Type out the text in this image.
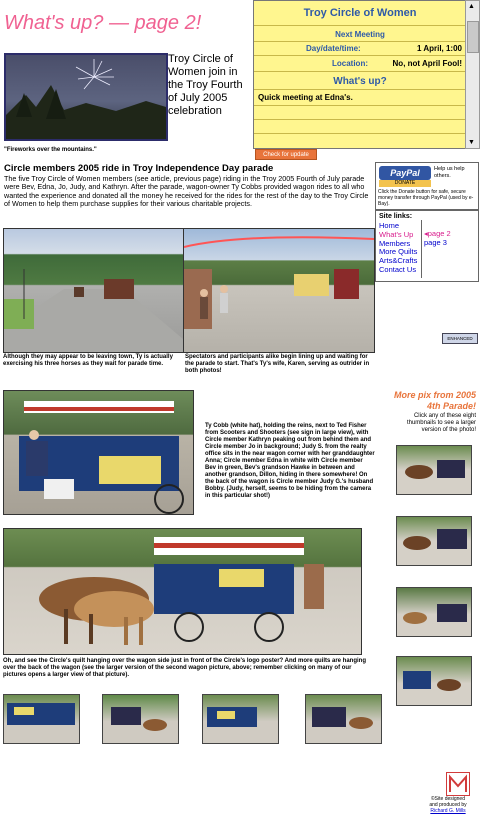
What's up? — page 2!	Troy Circle of Women
Next Meeting
Day/date/time:	1 April, 1:00
Location:	No, not April Fool!
What's up?
Quick meeting at Edna's.
▲
▼
Check for update
Troy Circle of Women join in the Troy Fourth of July 2005 celebration
"Fireworks over the mountains."
PayPal
DONATE
Help us help others.
Click the Donate button for safe, secure money transfer through PayPal (used by e-Bay).
Site links:
Home
What's Up
Members
More Quilts
Arts&Crafts
Contact Us
◂page 2
page 3
Circle members 2005 ride in Troy Independence Day parade
The five Troy Circle of Women members (see article, previous page) riding in the Troy 2005 Fourth of July parade were Bev, Edna, Jo, Judy, and Kathryn. After the parade, wagon-owner Ty Cobbs provided wagon rides to all who wanted the experience and donated all the money he received for the rides for the rest of the day to the Troy Circle of Women to help them purchase supplies for their various charitable projects.
Although they may appear to be leaving town, Ty is actually exercising his three horses as they wait for parade time.
Spectators and participants alike begin lining up and waiting for the parade to start. That's Ty's wife, Karen, serving as outrider in both photos!
ENHANCED
Ty Cobb (white hat), holding the reins, next to Ted Fisher from Scooters and Shooters (see sign in large view), with Circle member Kathryn peaking out from behind them and Circle member Jo in background; Judy S. from the realty office sits in the near wagon corner with her granddaughter Anna; Circle member Edna in white with Circle member Bev in green, Bev's grandson Hawke in between and another grandson, Dillon, hiding in there somewhere! On the back of the wagon is Circle member Judy G.'s husband Bobby. (Judy, herself, seems to be hiding from the camera in this particular shot!)
Oh, and see the Circle's quilt hanging over the wagon side just in front of the Circle's logo poster? And more quilts are hanging over the back of the wagon (see the larger version of the second wagon picture, above; remember clicking on many of our pictures opens a larger view of that picture).
More pix from 2005 4th Parade!
Click any of these eight thumbnails to see a larger version of the photo!
©Site designed
and produced by
Richard G. Mills
